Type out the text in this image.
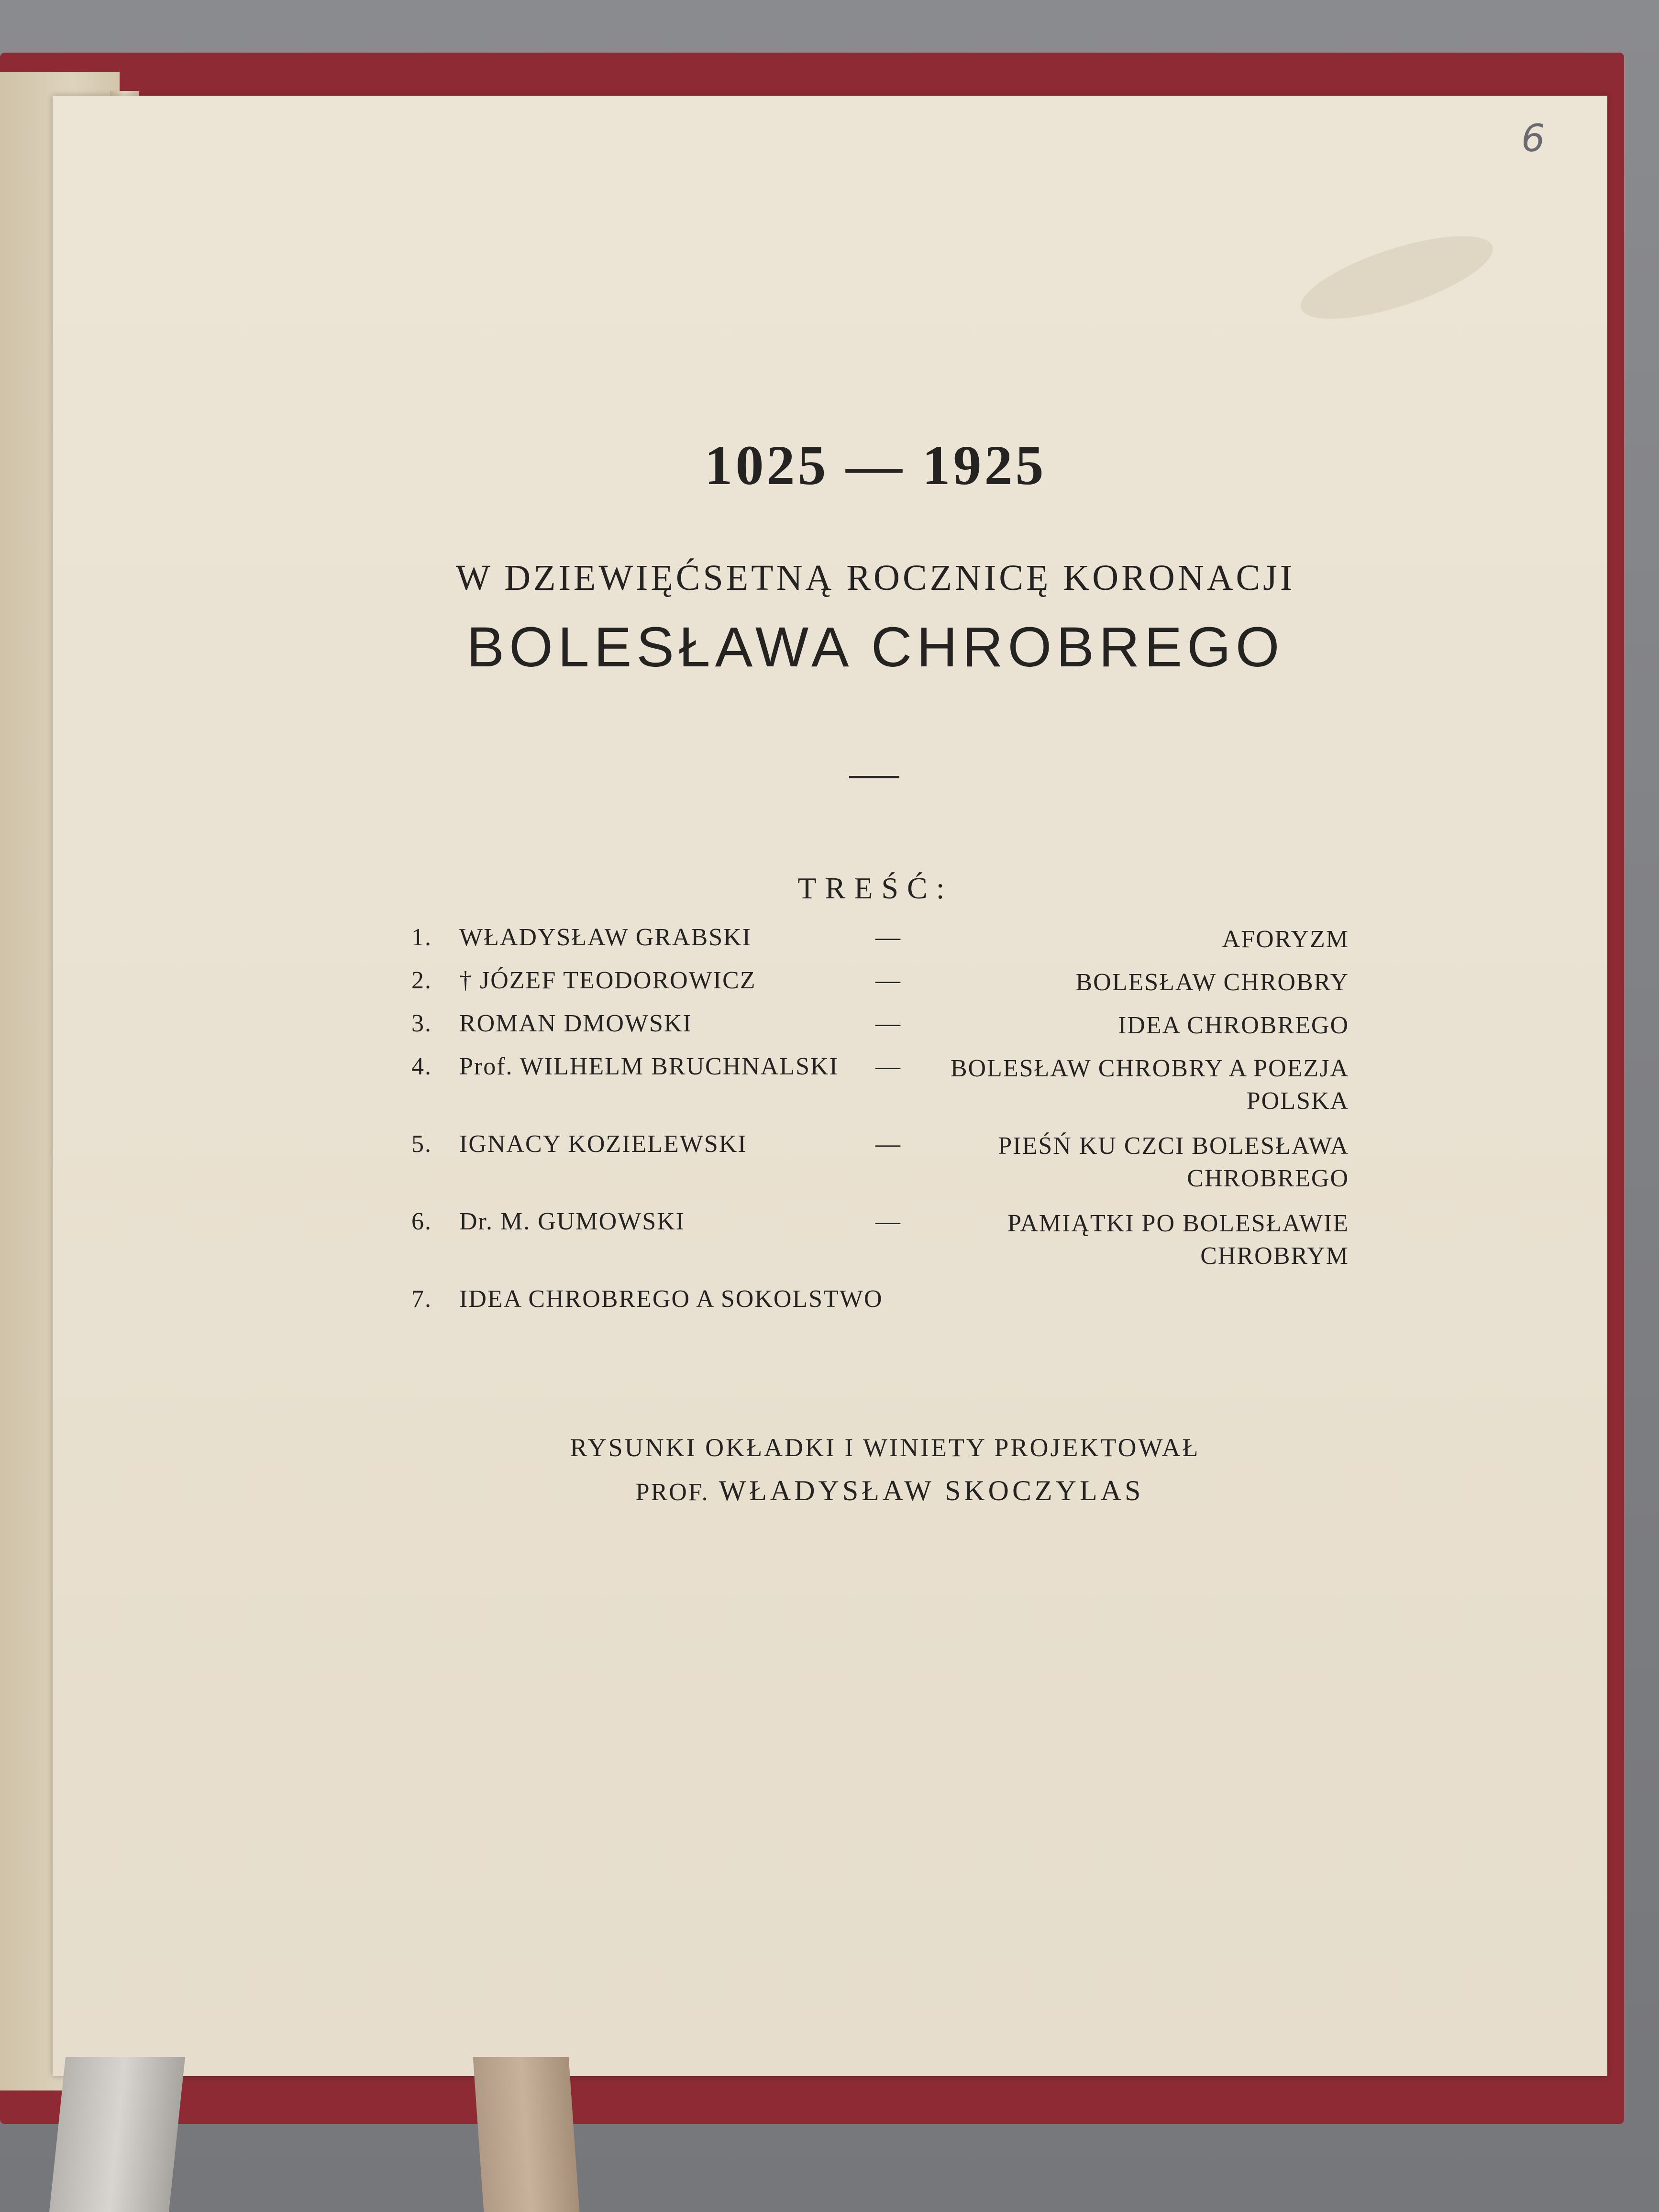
6
1025 — 1925
W DZIEWIĘĆSETNĄ ROCZNICĘ KORONACJI
BOLESŁAWA CHROBREGO
TREŚĆ:
1. WŁADYSŁAW GRABSKI	—	AFORYZM
2. † JÓZEF TEODOROWICZ	—	BOLESŁAW CHROBRY
3. ROMAN DMOWSKI	—	IDEA CHROBREGO
4. Prof. WILHELM BRUCHNALSKI —	BOLESŁAW CHROBRY A POEZJA POLSKA
5. IGNACY KOZIELEWSKI	—	PIEŚŃ KU CZCI BOLESŁAWA CHROBREGO
6. Dr. M. GUMOWSKI	—	PAMIĄTKI PO BOLESŁAWIE CHROBRYM
7. IDEA CHROBREGO A SOKOLSTWO
RYSUNKI OKŁADKI I WINIETY PROJEKTOWAŁ
PROF. WŁADYSŁAW SKOCZYLAS
